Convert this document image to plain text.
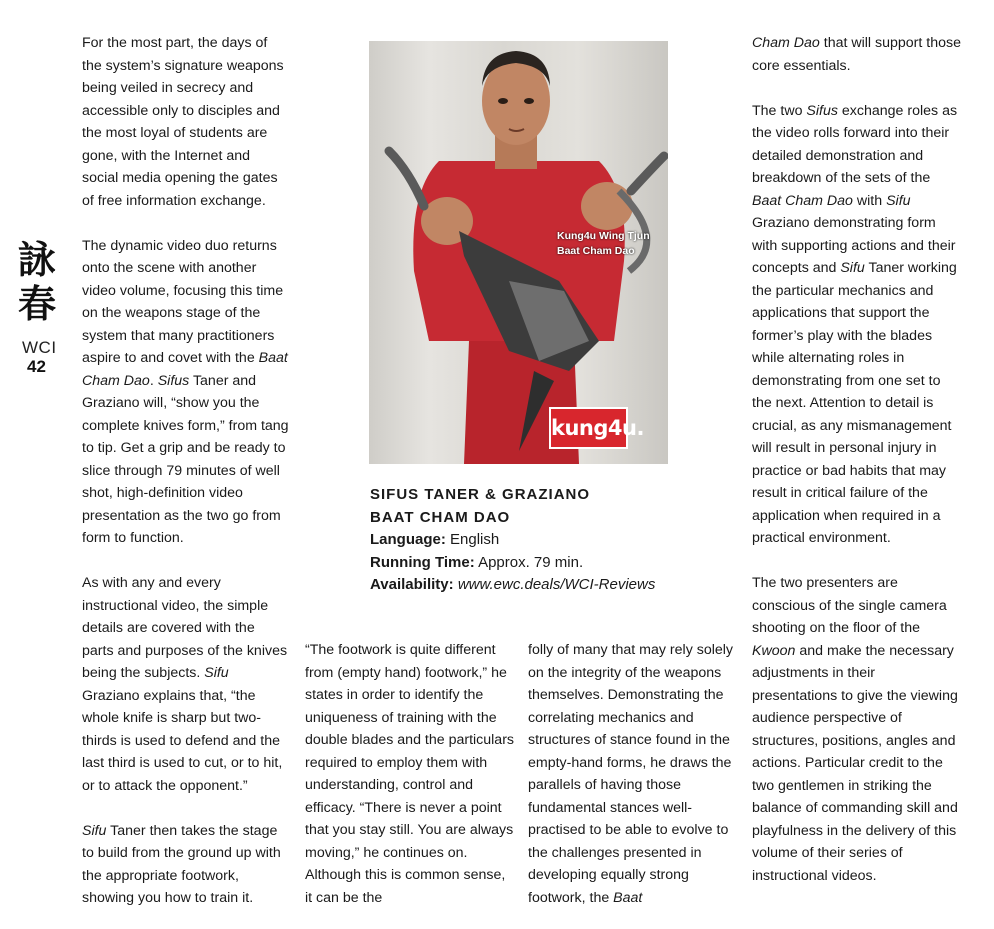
詠春
WCI
42

For the most part, the days of the system’s signature weapons being veiled in secrecy and accessible only to disciples and the most loyal of students are gone, with the Internet and social media opening the gates of free information exchange.

The dynamic video duo returns onto the scene with another video volume, focusing this time on the weapons stage of the system that many practitioners aspire to and covet with the Baat Cham Dao. Sifus Taner and Graziano will, “show you the complete knives form,” from tang to tip. Get a grip and be ready to slice through 79 minutes of well shot, high-definition video presentation as the two go from form to function.

As with any and every instructional video, the simple details are covered with the parts and purposes of the knives being the subjects. Sifu Graziano explains that, “the whole knife is sharp but two-thirds is used to defend and the last third is used to cut, or to hit, or to attack the opponent.”

Sifu Taner then takes the stage to build from the ground up with the appropriate footwork, showing you how to train it.

Kung4u Wing Tjun
Baat Cham Dao
kung4u.
SIFUS TANER & GRAZIANO
BAAT CHAM DAO
Language: English
Running Time: Approx. 79 min.
Availability: www.ewc.deals/WCI-Reviews

“The footwork is quite different from (empty hand) footwork,” he states in order to identify the uniqueness of training with the double blades and the particulars required to employ them with understanding, control and efficacy. “There is never a point that you stay still. You are always moving,” he continues on. Although this is common sense, it can be the

folly of many that may rely solely on the integrity of the weapons themselves. Demonstrating the correlating mechanics and structures of stance found in the empty-hand forms, he draws the parallels of having those fundamental stances well-practised to be able to evolve to the challenges presented in developing equally strong footwork, the Baat

Cham Dao that will support those core essentials.

The two Sifus exchange roles as the video rolls forward into their detailed demonstration and breakdown of the sets of the Baat Cham Dao with Sifu Graziano demonstrating form with supporting actions and their concepts and Sifu Taner working the particular mechanics and applications that support the former’s play with the blades while alternating roles in demonstrating from one set to the next. Attention to detail is crucial, as any mismanagement will result in personal injury in practice or bad habits that may result in critical failure of the application when required in a practical environment.

The two presenters are conscious of the single camera shooting on the floor of the Kwoon and make the necessary adjustments in their presentations to give the viewing audience perspective of structures, positions, angles and actions. Particular credit to the two gentlemen in striking the balance of commanding skill and playfulness in the delivery of this volume of their series of instructional videos.
